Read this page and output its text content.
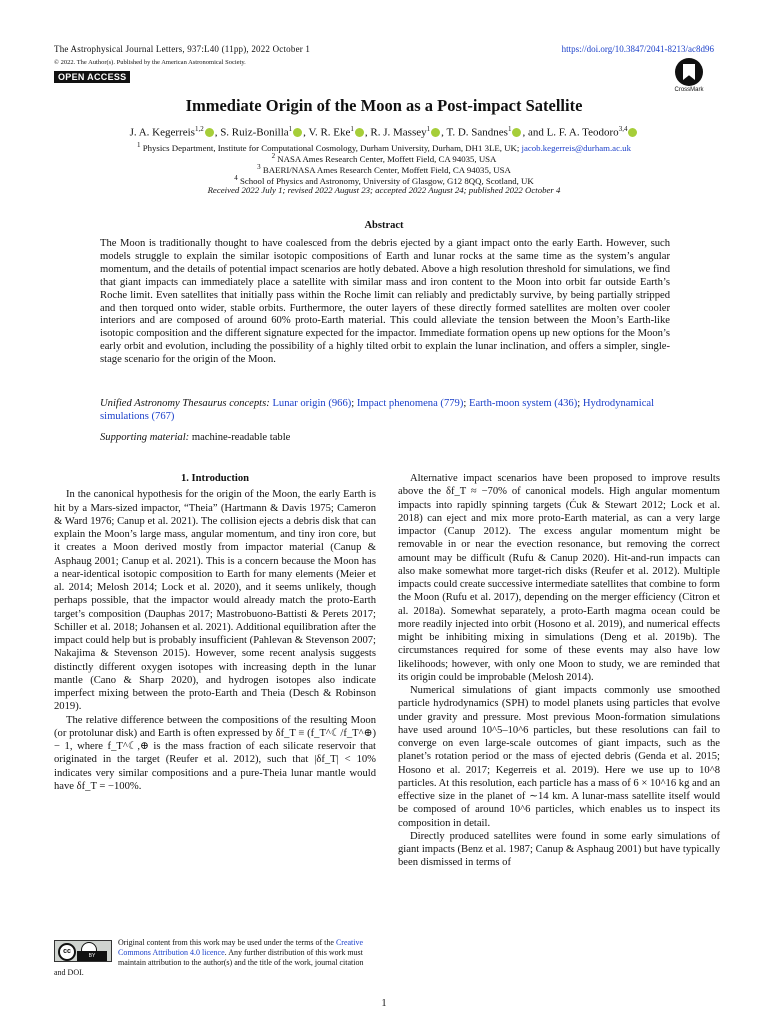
The Astrophysical Journal Letters, 937:L40 (11pp), 2022 October 1	https://doi.org/10.3847/2041-8213/ac8d96
© 2022. The Author(s). Published by the American Astronomical Society.
OPEN ACCESS
CrossMark
Immediate Origin of the Moon as a Post-impact Satellite
J. A. Kegerreis$^{1,2}$ , S. Ruiz-Bonilla$^1$ , V. R. Eke$^1$ , R. J. Massey$^1$ , T. D. Sandnes$^1$ , and L. F. A. Teodoro$^{3,4}$
$^1$ Physics Department, Institute for Computational Cosmology, Durham University, Durham, DH1 3LE, UK; jacob.kegerreis@durham.ac.uk
$^2$ NASA Ames Research Center, Moffett Field, CA 94035, USA
$^3$ BAERI/NASA Ames Research Center, Moffett Field, CA 94035, USA
$^4$ School of Physics and Astronomy, University of Glasgow, G12 8QQ, Scotland, UK
Received 2022 July 1; revised 2022 August 23; accepted 2022 August 24; published 2022 October 4
Abstract

The Moon is traditionally thought to have coalesced from the debris ejected by a giant impact onto the early Earth. However, such models struggle to explain the similar isotopic compositions of Earth and lunar rocks at the same time as the system’s angular momentum, and the details of potential impact scenarios are hotly debated. Above a high resolution threshold for simulations, we find that giant impacts can immediately place a satellite with similar mass and iron content to the Moon into orbit far outside Earth’s Roche limit. Even satellites that initially pass within the Roche limit can reliably and predictably survive, by being partially stripped and then torqued onto wider, stable orbits. Furthermore, the outer layers of these directly formed satellites are molten over cooler interiors and are composed of around 60% proto-Earth material. This could alleviate the tension between the Moon’s Earth-like isotopic composition and the different signature expected for the impactor. Immediate formation opens up new options for the Moon’s early orbit and evolution, including the possibility of a highly tilted orbit to explain the lunar inclination, and offers a simpler, single-stage scenario for the origin of the Moon.

Unified Astronomy Thesaurus concepts: Lunar origin (966); Impact phenomena (779); Earth-moon system (436); Hydrodynamical simulations (767)
Supporting material: machine-readable table
1. Introduction

In the canonical hypothesis for the origin of the Moon, the early Earth is hit by a Mars-sized impactor, “Theia” (Hartmann & Davis 1975; Cameron & Ward 1976; Canup et al. 2021). The collision ejects a debris disk that can explain the Moon’s large mass, angular momentum, and tiny iron core, but it creates a Moon derived mostly from impactor material (Canup & Asphaug 2001; Canup et al. 2021). This is a concern because the Moon has a near-identical isotopic composition to Earth for many elements (Meier et al. 2014; Melosh 2014; Lock et al. 2020), and it seems unlikely, though perhaps possible, that the impactor would already match the proto-Earth target’s composition (Dauphas 2017; Mastrobuono-Battisti & Perets 2017; Schiller et al. 2018; Johansen et al. 2021). Additional equilibration after the impact could help but is probably insufficient (Pahlevan & Stevenson 2007; Nakajima & Stevenson 2015). However, some recent analysis suggests distinctly different oxygen isotopes with increasing depth in the lunar mantle (Cano & Sharp 2020), and hydrogen isotopes also indicate imperfect mixing between the proto-Earth and Theia (Desch & Robinson 2019).

The relative difference between the compositions of the resulting Moon (or protolunar disk) and Earth is often expressed by δf_T ≡ (f_T^☾/f_T^⊕) − 1, where f_T^☾,⊕ is the mass fraction of each silicate reservoir that originated in the target (Reufer et al. 2012), such that |δf_T| < 10% indicates very similar compositions and a pure-Theia lunar mantle would have δf_T = −100%.

Alternative impact scenarios have been proposed to improve results above the δf_T ≈ −70% of canonical models. High angular momentum impacts into rapidly spinning targets (Ćuk & Stewart 2012; Lock et al. 2018) can eject and mix more proto-Earth material, as can a very large impactor (Canup 2012). The excess angular momentum might be removable in or near the evection resonance, but removing the correct amount may be difficult (Rufu & Canup 2020). Hit-and-run impacts can also make somewhat more target-rich disks (Reufer et al. 2012). Multiple impacts could create successive intermediate satellites that combine to form the Moon (Rufu et al. 2017), depending on the merger efficiency (Citron et al. 2018a). Somewhat separately, a proto-Earth magma ocean could be more readily injected into orbit (Hosono et al. 2019), and numerical effects might be inhibiting mixing in simulations (Deng et al. 2019b). The circumstances required for some of these events may also have low likelihoods; however, with only one Moon to study, we are reminded that its origin could be improbable (Melosh 2014).

Numerical simulations of giant impacts commonly use smoothed particle hydrodynamics (SPH) to model planets using particles that evolve under gravity and pressure. Most previous Moon-formation simulations have used around 10^5–10^6 particles, but these resolutions can fail to converge on even large-scale outcomes of giant impacts, such as the planet’s rotation period or the mass of ejected debris (Genda et al. 2015; Hosono et al. 2017; Kegerreis et al. 2019). Here we use up to 10^8 particles. At this resolution, each particle has a mass of 6 × 10^16 kg and an effective size in the planet of ∼14 km. A lunar-mass satellite itself would be composed of around 10^6 particles, which enables us to inspect its composition in detail.

Directly produced satellites were found in some early simulations of giant impacts (Benz et al. 1987; Canup & Asphaug 2001) but have typically been dismissed in terms of

cc
BY
Original content from this work may be used under the terms of the Creative Commons Attribution 4.0 licence. Any further distribution of this work must maintain attribution to the author(s) and the title of the work, journal citation and DOI.
1
